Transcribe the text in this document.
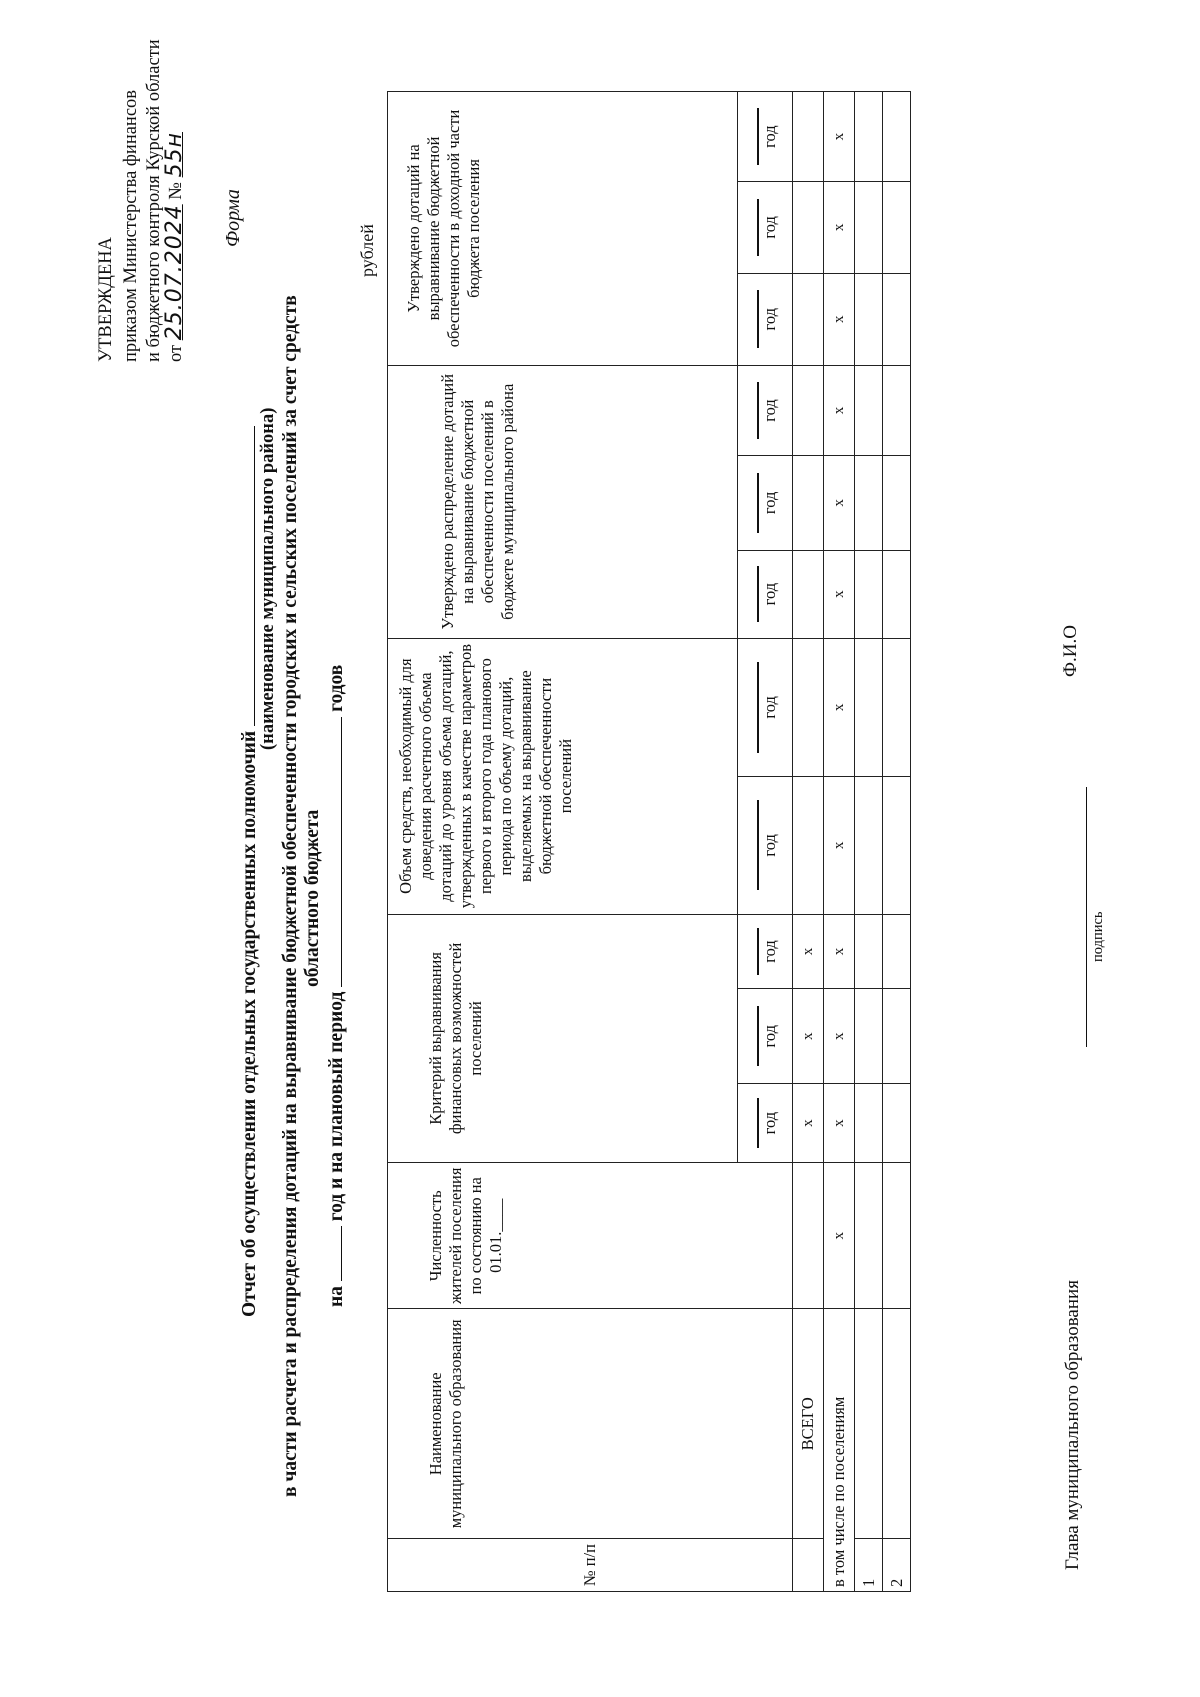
УТВЕРЖДЕНА приказом Министерства финансов и бюджетного контроля Курской области от 25.07.2024 № 55н
Форма
Отчет об осуществлении отдельных государственных полномочий
(наименование муниципального района) в части расчета и распределения дотаций на выравнивание бюджетной обеспеченности городских и сельских поселений за счет средств областного бюджета
на  год и на плановый период  годов
рублей
№ п/п	Наименование муниципального образования	Численность жителей поселения по состоянию на 01.01.____	Критерий выравнивания финансовых возможностей поселений			Объем средств, необходимый для доведения расчетного объема дотаций до уровня объема дотаций, утвержденных в качестве параметров первого и второго года планового периода по объему дотаций, выделяемых на выравнивание бюджетной обеспеченности поселений		Утверждено распределение дотаций на выравнивание бюджетной обеспеченности поселений в бюджете муниципального района			Утверждено дотаций на выравнивание бюджетной обеспеченности в доходной части бюджета поселения		

год	год	год	год	год	год	год	год	год	год	год

	ВСЕГО		х	х	х								
в том числе по поселениям		х	х	х	х	х	х	х	х	х	х	х	х
1													
2													
Глава муниципального образования
подпись
Ф.И.О
